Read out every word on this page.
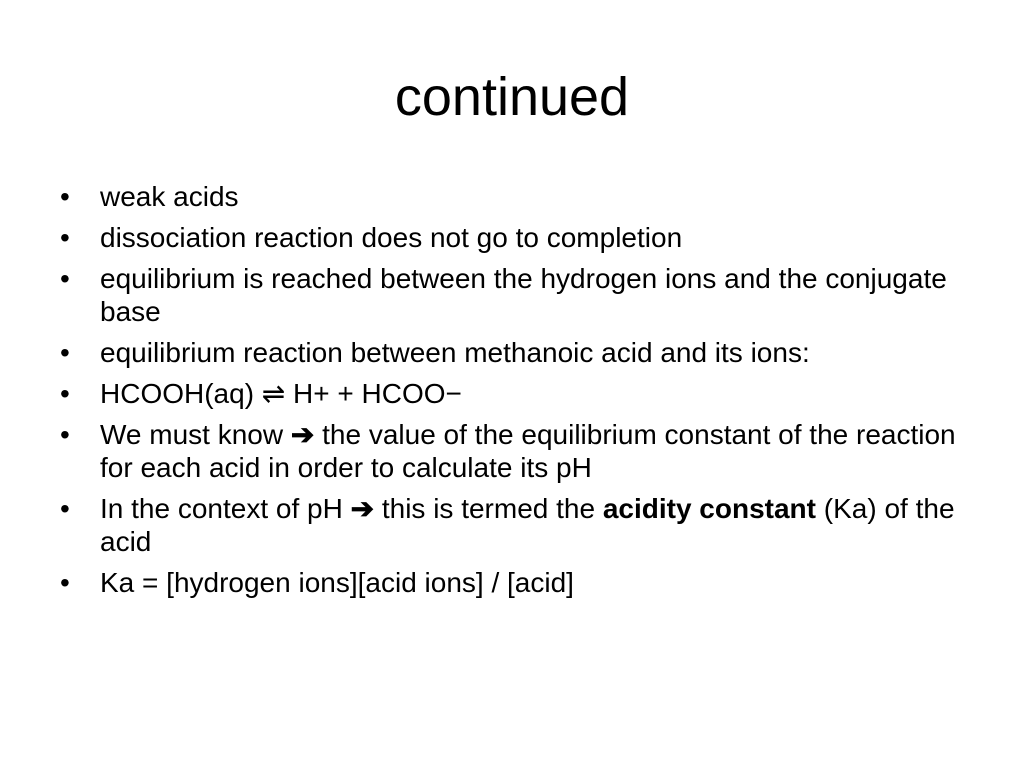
continued
•	weak acids
•	dissociation reaction does not go to completion
•	equilibrium is reached between the hydrogen ions and the conjugate base
•	equilibrium reaction between methanoic acid and its ions:
•	HCOOH(aq) ⇌ H+ + HCOO−
•	We must know ➔ the value of the equilibrium constant of the reaction for each acid in order to calculate its pH
•	In the context of pH ➔ this is termed the acidity constant (Ka) of the acid
•	Ka = [hydrogen ions][acid ions] / [acid]
